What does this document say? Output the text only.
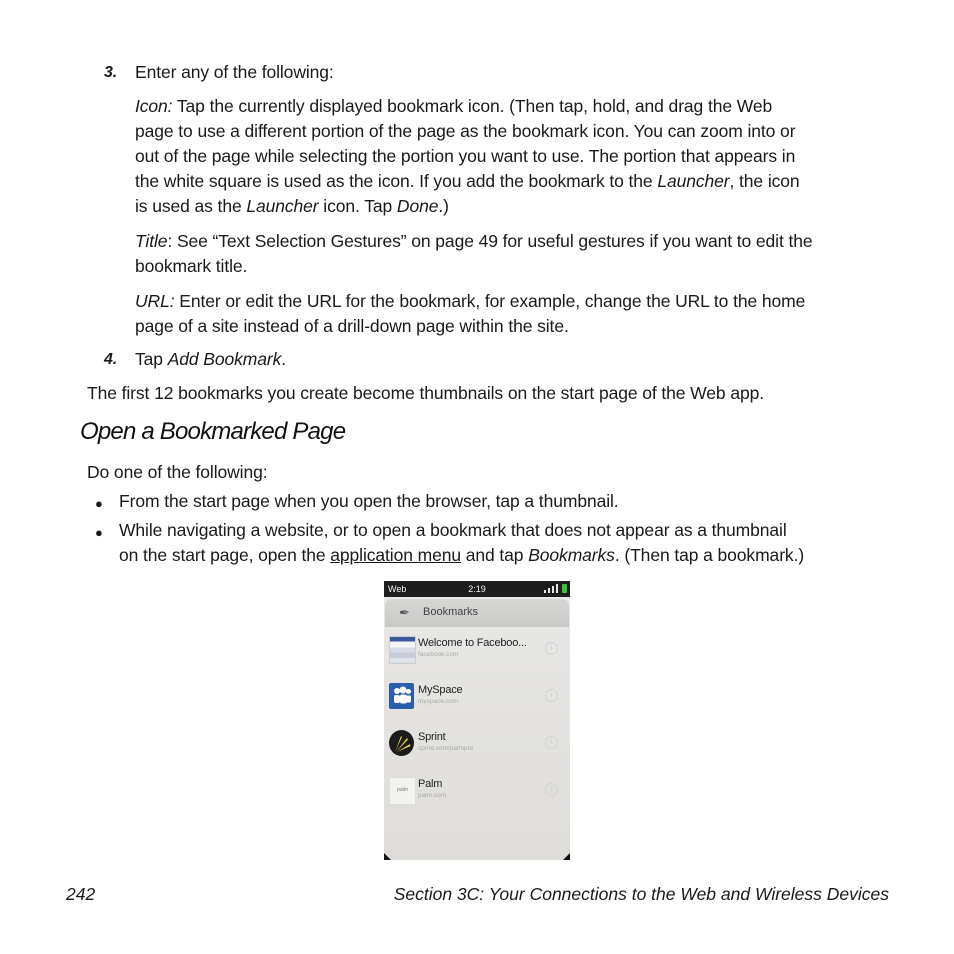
3. Enter any of the following:
Icon: Tap the currently displayed bookmark icon. (Then tap, hold, and drag the Web
page to use a different portion of the page as the bookmark icon. You can zoom into or
out of the page while selecting the portion you want to use. The portion that appears in
the white square is used as the icon. If you add the bookmark to the Launcher, the icon
is used as the Launcher icon. Tap Done.)
Title: See “Text Selection Gestures” on page 49 for useful gestures if you want to edit the
bookmark title.
URL: Enter or edit the URL for the bookmark, for example, change the URL to the home
page of a site instead of a drill-down page within the site.
4. Tap Add Bookmark.
The first 12 bookmarks you create become thumbnails on the start page of the Web app.
Open a Bookmarked Page
Do one of the following:
● From the start page when you open the browser, tap a thumbnail.
● While navigating a website, or to open a bookmark that does not appear as a thumbnail
on the start page, open the application menu and tap Bookmarks. (Then tap a bookmark.)
Web	2:19
✒ Bookmarks
Welcome to Faceboo...
facebook.com
i
MySpace
myspace.com
i
Sprint
sprint.com/palmpre
i
palm Palm
palm.com
i
242	Section 3C: Your Connections to the Web and Wireless Devices
